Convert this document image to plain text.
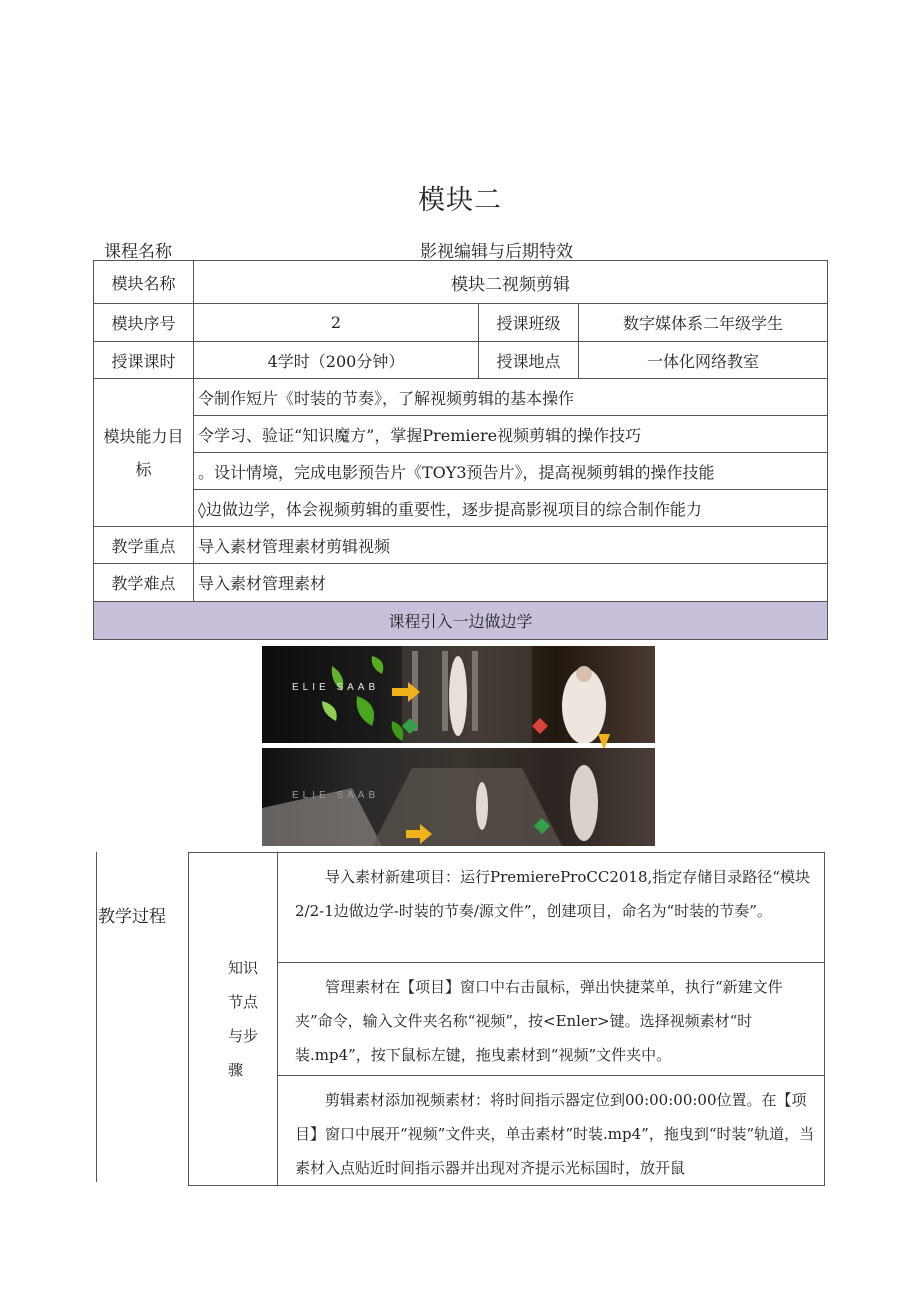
模块二
课程名称	影视编辑与后期特效
模块名称	模块二视频剪辑		
模块序号	2	授课班级	数字媒体系二年级学生
授课课时	4学时（200分钟）	授课地点	一体化网络教室
模块能力目标	令制作短片《时装的节奏》，了解视频剪辑的基本操作		
	令学习、验证“知识魔方”，掌握Premiere视频剪辑的操作技巧		
	。设计情境，完成电影预告片《TOY3预告片》，提高视频剪辑的操作技能		
	◊边做边学，体会视频剪辑的重要性，逐步提高影视项目的综合制作能力		
教学重点	导入素材管理素材剪辑视频		
教学难点	导入素材管理素材		
课程引入一边做边学			
ELIE SAAB
ELIE SAAB
教学过程
知识节点与步骤

导入素材新建项目：运行PremiereProCC2018,指定存储目录路径“模块2/2-1边做边学-时装的节奏/源文件”，创建项目，命名为“时装的节奏”。

管理素材在【项目】窗口中右击鼠标，弹出快捷菜单，执行“新建文件夹”命令，输入文件夹名称“视频”，按<Enler>键。选择视频素材“时装.mp4”，按下鼠标左键，拖曳素材到“视频”文件夹中。

剪辑素材添加视频素材：将时间指示器定位到00:00:00:00位置。在【项目】窗口中展开“视频”文件夹，单击素材”时装.mp4”，拖曳到“时装”轨道，当素材入点贴近时间指示器并出现对齐提示光标国时，放开鼠
